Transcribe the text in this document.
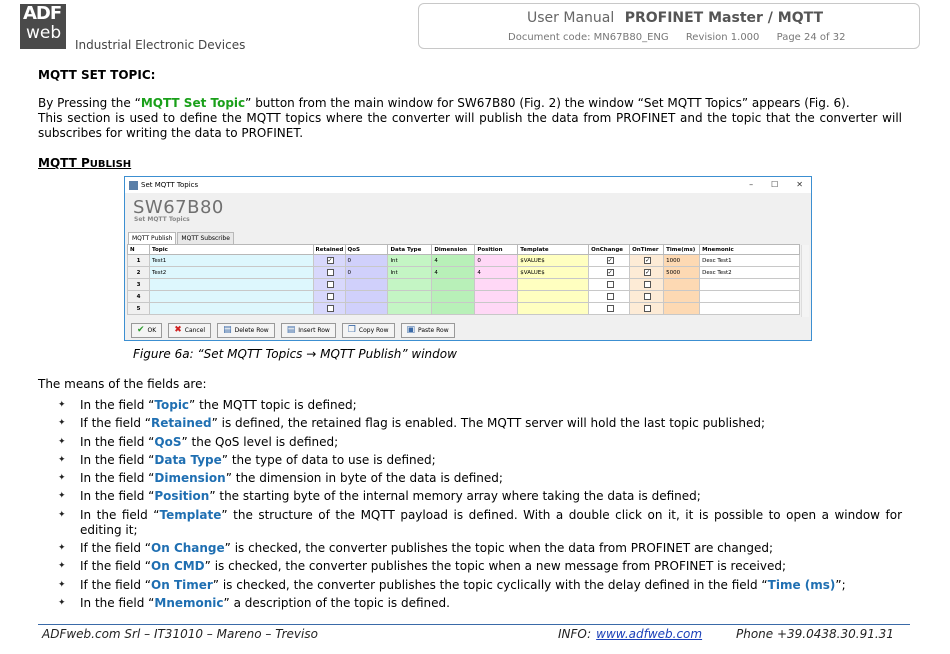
ADF
web
Industrial Electronic Devices
User Manual PROFINET Master / MQTT
Document code: MN67B80_ENG Revision 1.000 Page 24 of 32
MQTT SET TOPIC:
By Pressing the “MQTT Set Topic” button from the main window for SW67B80 (Fig. 2) the window “Set MQTT Topics” appears (Fig. 6).
This section is used to define the MQTT topics where the converter will publish the data from PROFINET and the topic that the converter will subscribes for writing the data to PROFINET.
MQTT PUBLISH
Set MQTT Topics	– ☐ ✕
SW67B80
Set MQTT Topics
MQTT Publish	MQTT Subscribe
N	Topic	Retained	QoS	Data Type	Dimension	Position	Template	OnChange	OnTimer	Time(ms)	Mnemonic
1	Test1	✓	0	Int	4	0	$VALUE$	✓	✓	1000	Desc Test1
2	Test2		0	Int	4	4	$VALUE$	✓	✓	5000	Desc Test2
3											
4											
5											
✔ OK ✖ Cancel ▤ Delete Row ▤ Insert Row ❐ Copy Row ▣ Paste Row
Figure 6a: “Set MQTT Topics → MQTT Publish” window
The means of the fields are:
✦ In the field “Topic” the MQTT topic is defined;
✦ If the field “Retained” is defined, the retained flag is enabled. The MQTT server will hold the last topic published;
✦ In the field “QoS” the QoS level is defined;
✦ In the field “Data Type” the type of data to use is defined;
✦ In the field “Dimension” the dimension in byte of the data is defined;
✦ In the field “Position” the starting byte of the internal memory array where taking the data is defined;
✦ In the field “Template” the structure of the MQTT payload is defined. With a double click on it, it is possible to open a window for editing it;
✦ If the field “On Change” is checked, the converter publishes the topic when the data from PROFINET are changed;
✦ If the field “On CMD” is checked, the converter publishes the topic when a new message from PROFINET is received;
✦ If the field “On Timer” is checked, the converter publishes the topic cyclically with the delay defined in the field “Time (ms)”;
✦ In the field “Mnemonic” a description of the topic is defined.
ADFweb.com Srl – IT31010 – Mareno – Treviso	INFO: www.adfweb.com	Phone +39.0438.30.91.31
